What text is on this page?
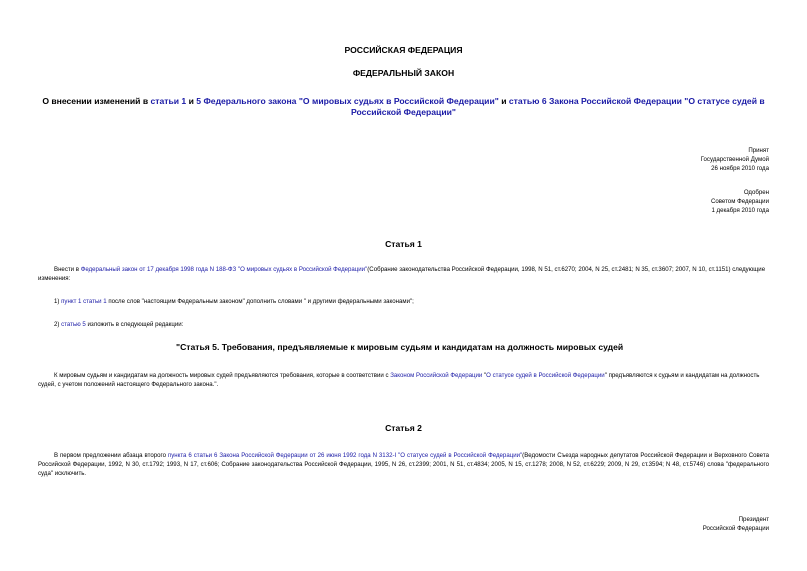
РОССИЙСКАЯ ФЕДЕРАЦИЯ
ФЕДЕРАЛЬНЫЙ ЗАКОН
О внесении изменений в статьи 1 и 5 Федерального закона "О мировых судьях в Российской Федерации" и статью 6 Закона Российской Федерации "О статусе судей в Российской Федерации"
Принят
Государственной Думой
26 ноября 2010 года
Одобрен
Советом Федерации
1 декабря 2010 года
Статья 1

Внести в Федеральный закон от 17 декабря 1998 года N 188-ФЗ "О мировых судьях в Российской Федерации"(Собрание законодательства Российской Федерации, 1998, N 51, ст.6270; 2004, N 25, ст.2481; N 35, ст.3607; 2007, N 10, ст.1151) следующие изменения:

1) пункт 1 статьи 1 после слов "настоящим Федеральным законом" дополнить словами " и другими федеральными законами";

2) статью 5 изложить в следующей редакции:

"Статья 5. Требования, предъявляемые к мировым судьям и кандидатам на должность мировых судей

К мировым судьям и кандидатам на должность мировых судей предъявляются требования, которые в соответствии с Законом Российской Федерации "О статусе судей в Российской Федерации" предъявляются к судьям и кандидатам на должность судей, с учетом положений настоящего Федерального закона.".

Статья 2

В первом предложении абзаца второго пункта 6 статьи 6 Закона Российской Федерации от 26 июня 1992 года N 3132-I "О статусе судей в Российской Федерации"(Ведомости Съезда народных депутатов Российской Федерации и Верховного Совета Российской Федерации, 1992, N 30, ст.1792; 1993, N 17, ст.606; Собрание законодательства Российской Федерации, 1995, N 26, ст.2399; 2001, N 51, ст.4834; 2005, N 15, ст.1278; 2008, N 52, ст.6229; 2009, N 29, ст.3594; N 48, ст.5746) слова "федерального суда" исключить.

Президент
Российской Федерации
